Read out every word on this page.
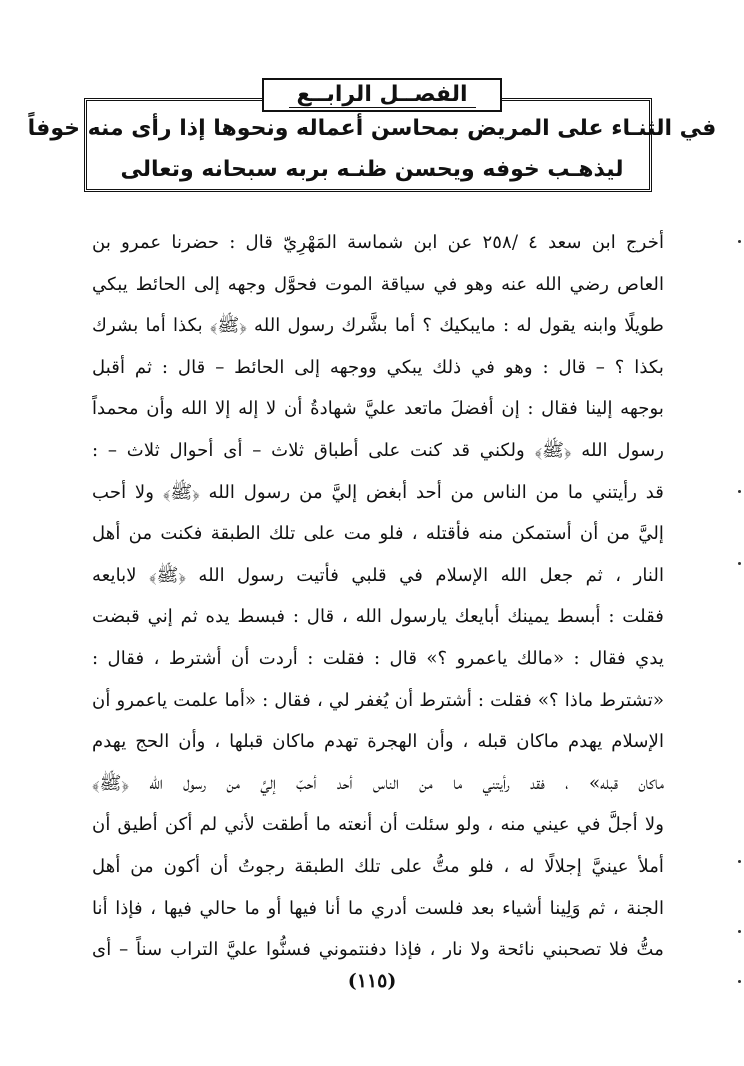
الفصــل الرابــع
في الثنـاء على المريض بمحاسن أعماله ونحوها إذا رأى منه خوفاً
ليذهـب خوفه ويحسن ظنـه بربه سبحانه وتعالى
أخرج ابن سعد ٤ /٢٥٨ عن ابن شماسة المَهْرِيّ قال : حضرنا عمرو بن
العاص رضي الله عنه وهو في سياقة الموت فحوَّل وجهه إلى الحائط يبكي
طويلًا وابنه يقول له : مايبكيك ؟ أما بشَّرك رسول الله ﴿ﷺ﴾ بكذا أما بشرك
بكذا ؟ – قال : وهو في ذلك يبكي ووجهه إلى الحائط – قال : ثم أقبل
بوجهه إلينا فقال : إن أفضلَ ماتعد عليَّ شهادةُ أن لا إله إلا الله وأن محمداً
رسول الله ﴿ﷺ﴾ ولكني قد كنت على أطباق ثلاث – أى أحوال ثلاث – :
قد رأيتني ما من الناس من أحد أبغض إليَّ من رسول الله ﴿ﷺ﴾ ولا أحب
إليَّ من أن أستمكن منه فأقتله ، فلو مت على تلك الطبقة فكنت من أهل
النار ، ثم جعل الله الإسلام في قلبي فأتيت رسول الله ﴿ﷺ﴾ لابايعه
فقلت : أبسط يمينك أبايعك يارسول الله ، قال : فبسط يده ثم إني قبضت
يدي فقال : «مالك ياعمرو ؟» قال : فقلت : أردت أن أشترط ، فقال :
«تشترط ماذا ؟» فقلت : أشترط أن يُغفر لي ، فقال : «أما علمت ياعمرو أن
الإسلام يهدم ماكان قبله ، وأن الهجرة تهدم ماكان قبلها ، وأن الحج يهدم
ماكان قبله» ، فقد رأيتني ما من الناس أحد أحبّ إليَّ من رسول الله ﴿ﷺ﴾
ولا أجلَّ في عيني منه ، ولو سئلت أن أنعته ما أطقت لأني لم أكن أطيق أن
أملأ عينيَّ إجلالًا له ، فلو متُّ على تلك الطبقة رجوتُ أن أكون من أهل
الجنة ، ثم وَلِينا أشياء بعد فلست أدري ما أنا فيها أو ما حالي فيها ، فإذا أنا
متُّ فلا تصحبني نائحة ولا نار ، فإذا دفنتموني فسنُّوا عليَّ التراب سناً – أى
(١١٥)
